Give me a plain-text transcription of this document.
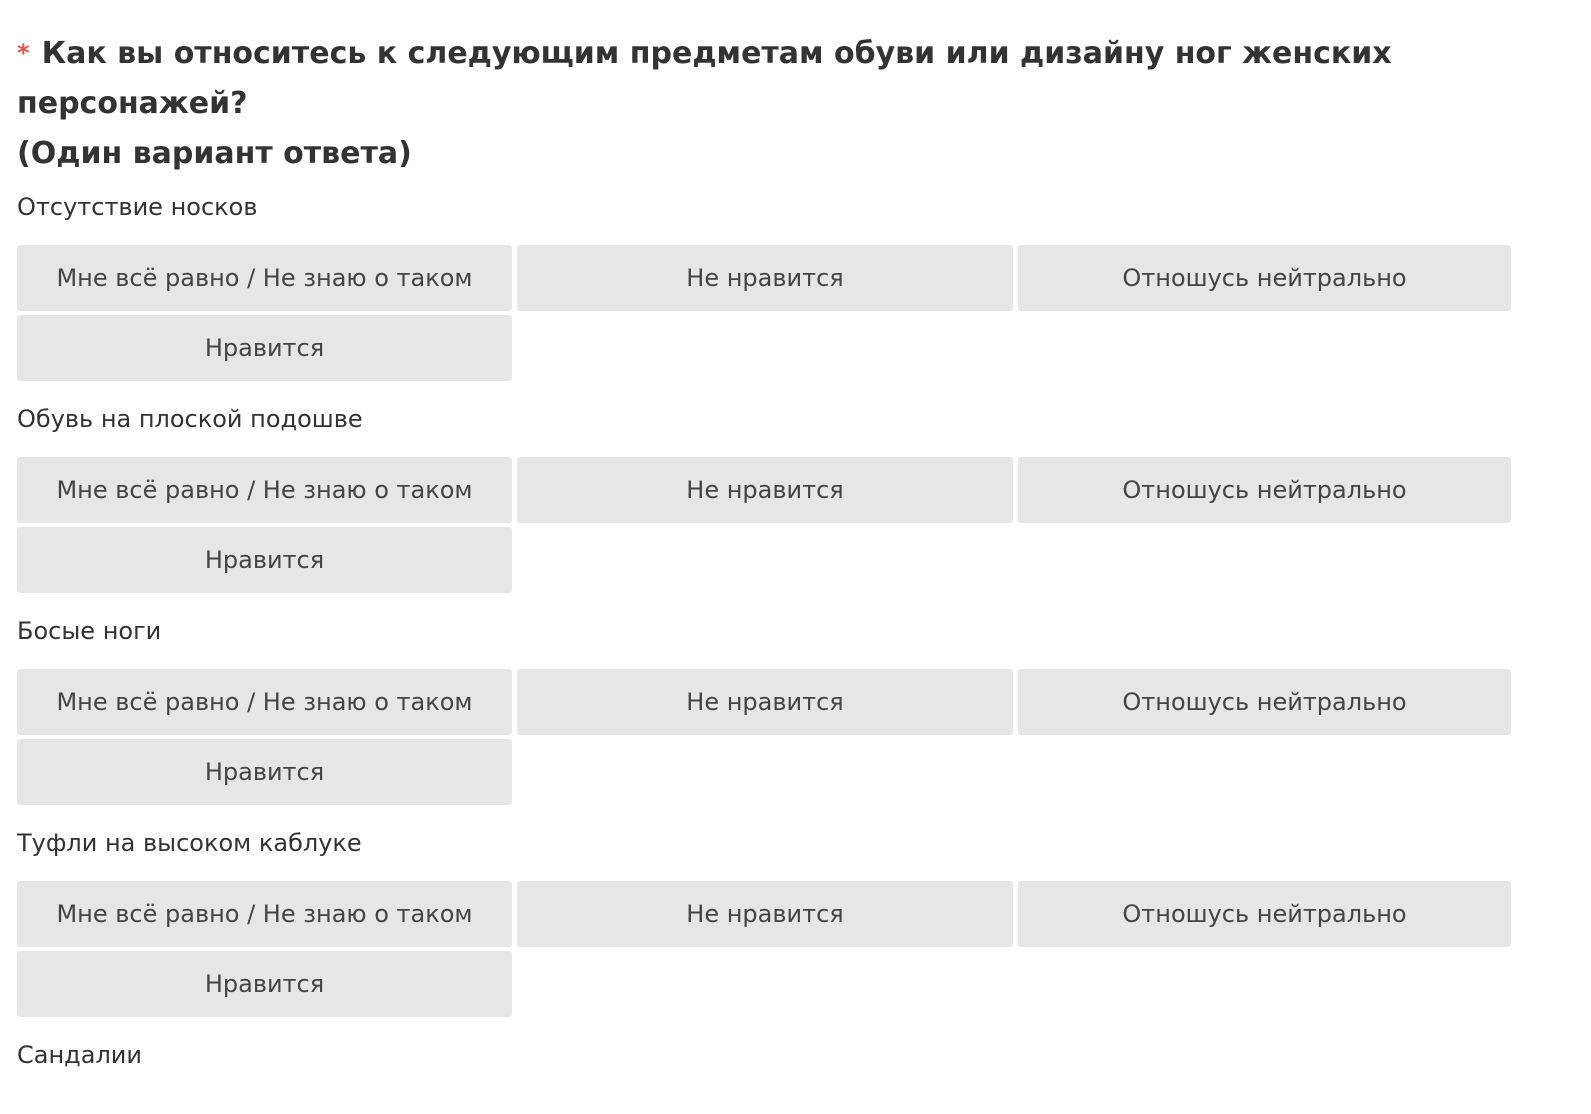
* Как вы относитесь к следующим предметам обуви или дизайну ног женских персонажей?
(Один вариант ответа)
Отсутствие носков
Мне всё равно / Не знаю о таком	Не нравится	Отношусь нейтрально
Нравится
Обувь на плоской подошве
Мне всё равно / Не знаю о таком	Не нравится	Отношусь нейтрально
Нравится
Босые ноги
Мне всё равно / Не знаю о таком	Не нравится	Отношусь нейтрально
Нравится
Туфли на высоком каблуке
Мне всё равно / Не знаю о таком	Не нравится	Отношусь нейтрально
Нравится
Сандалии
